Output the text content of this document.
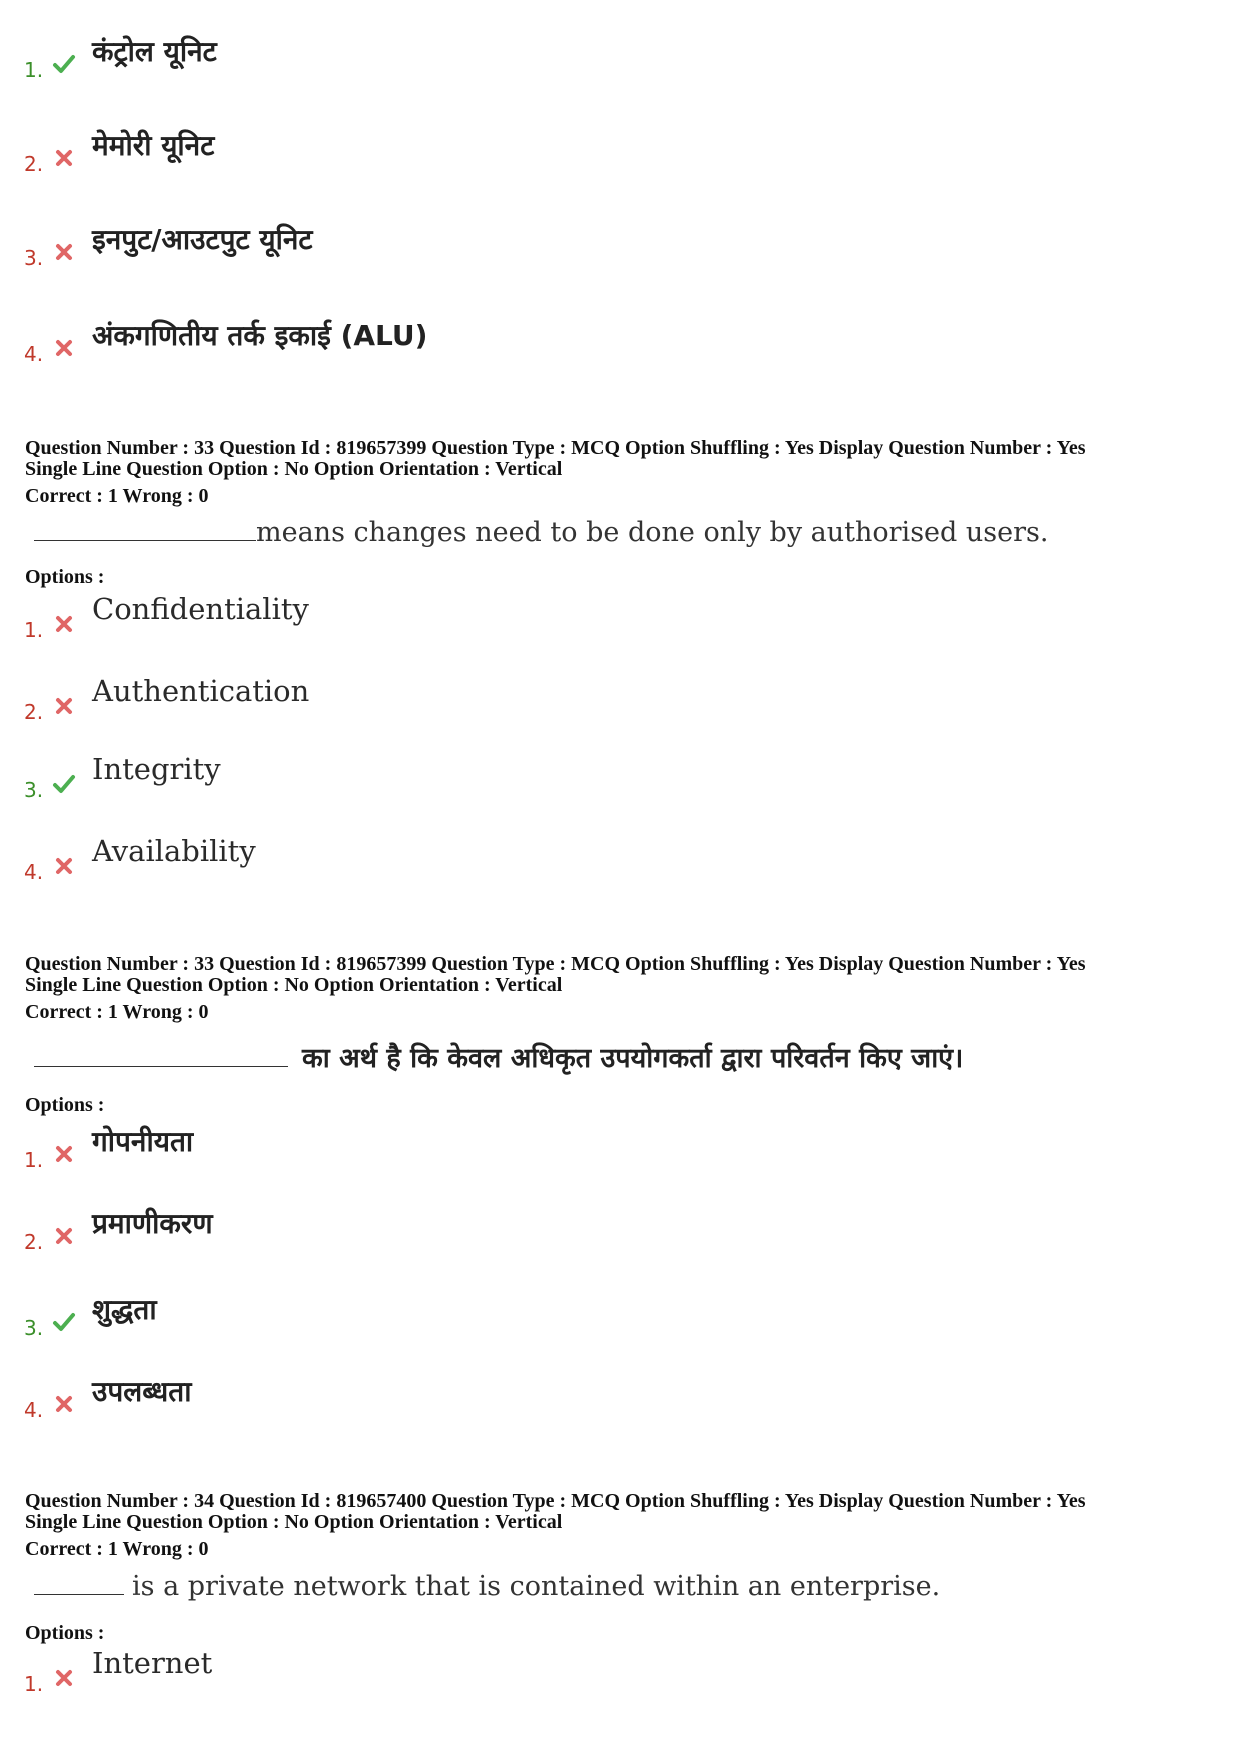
1.
कंट्रोल यूनिट
2.
मेमोरी यूनिट
3.
इनपुट/आउटपुट यूनिट
4.
अंकगणितीय तर्क इकाई (ALU)
Question Number : 33 Question Id : 819657399 Question Type : MCQ Option Shuffling : Yes Display Question Number : Yes
Single Line Question Option : No Option Orientation : Vertical
Correct : 1 Wrong : 0
means changes need to be done only by authorised users.
Options :
1.
Confidentiality
2.
Authentication
3.
Integrity
4.
Availability
Question Number : 33 Question Id : 819657399 Question Type : MCQ Option Shuffling : Yes Display Question Number : Yes
Single Line Question Option : No Option Orientation : Vertical
Correct : 1 Wrong : 0
का अर्थ है कि केवल अधिकृत उपयोगकर्ता द्वारा परिवर्तन किए जाएं।
Options :
1.
गोपनीयता
2.
प्रमाणीकरण
3.
शुद्धता
4.
उपलब्धता
Question Number : 34 Question Id : 819657400 Question Type : MCQ Option Shuffling : Yes Display Question Number : Yes
Single Line Question Option : No Option Orientation : Vertical
Correct : 1 Wrong : 0
is a private network that is contained within an enterprise.
Options :
1.
Internet
